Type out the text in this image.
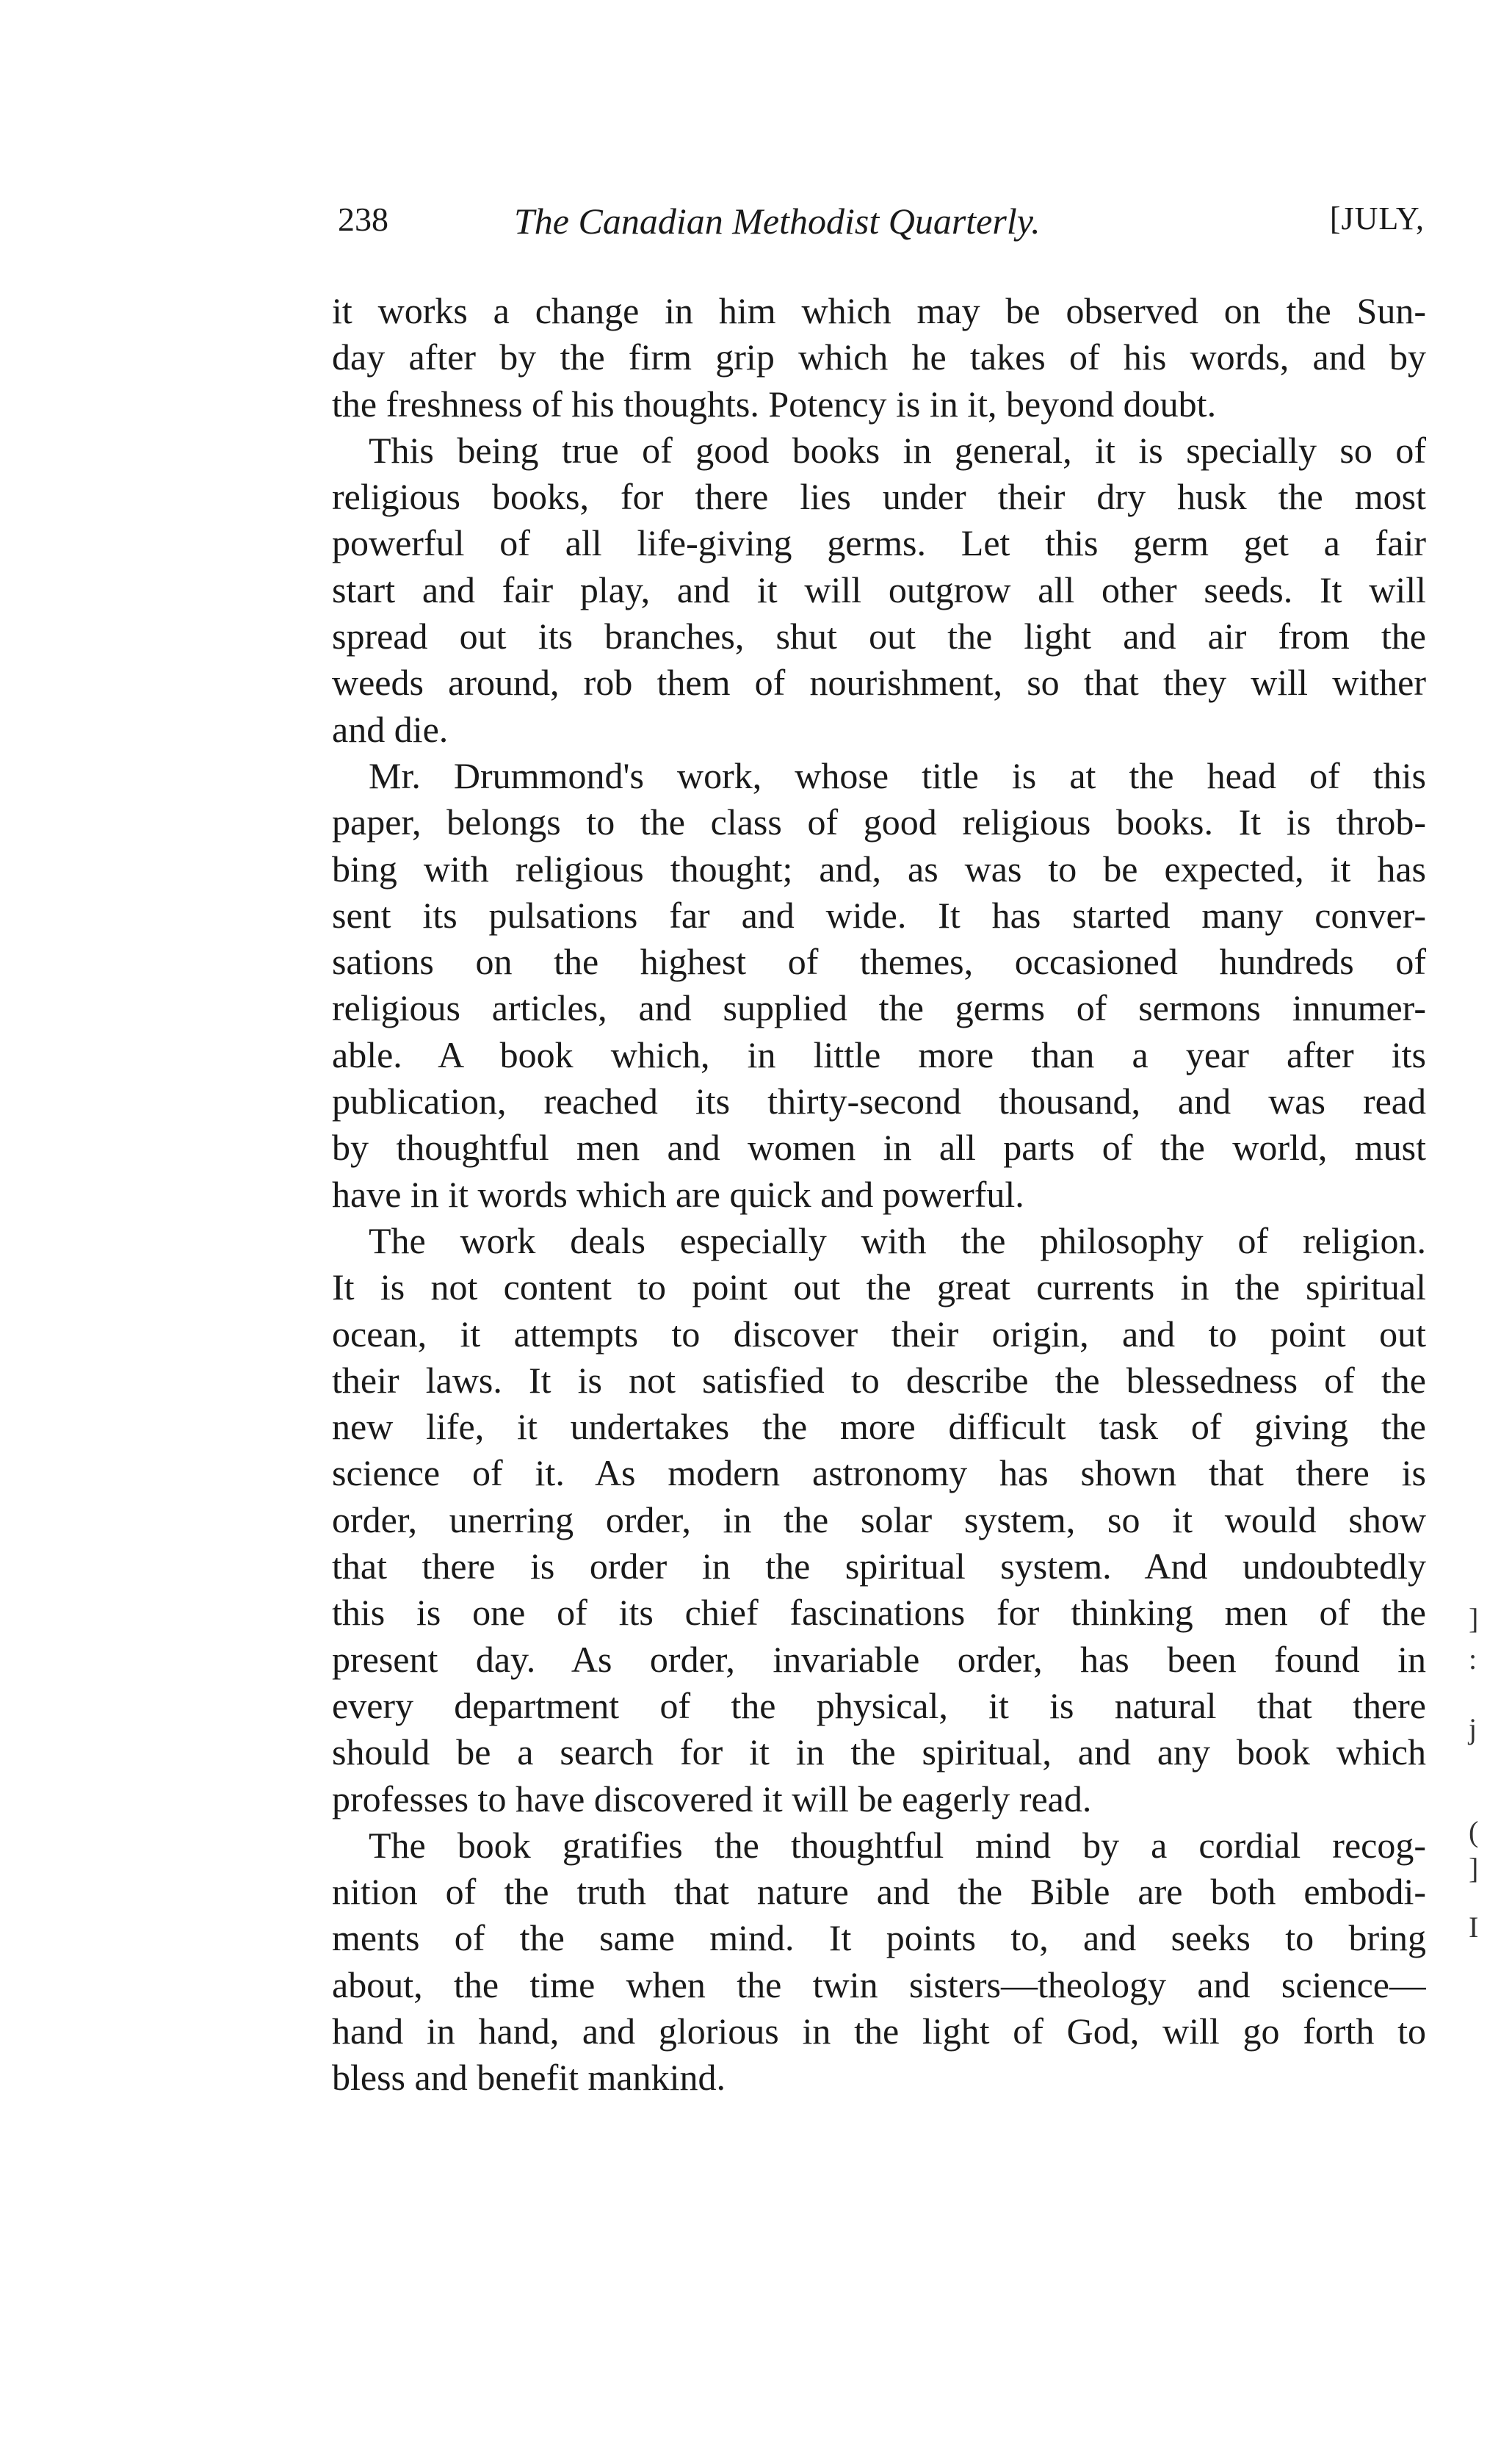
238	The Canadian Methodist Quarterly.	[JULY,
it works a change in him which may be observed on the Sun-
day after by the firm grip which he takes of his words, and by
the freshness of his thoughts. Potency is in it, beyond doubt.
This being true of good books in general, it is specially so of
religious books, for there lies under their dry husk the most
powerful of all life-giving germs. Let this germ get a fair
start and fair play, and it will outgrow all other seeds. It will
spread out its branches, shut out the light and air from the
weeds around, rob them of nourishment, so that they will wither
and die.
Mr. Drummond's work, whose title is at the head of this
paper, belongs to the class of good religious books. It is throb-
bing with religious thought; and, as was to be expected, it has
sent its pulsations far and wide. It has started many conver-
sations on the highest of themes, occasioned hundreds of
religious articles, and supplied the germs of sermons innumer-
able. A book which, in little more than a year after its
publication, reached its thirty-second thousand, and was read
by thoughtful men and women in all parts of the world, must
have in it words which are quick and powerful.
The work deals especially with the philosophy of religion.
It is not content to point out the great currents in the spiritual
ocean, it attempts to discover their origin, and to point out
their laws. It is not satisfied to describe the blessedness of the
new life, it undertakes the more difficult task of giving the
science of it. As modern astronomy has shown that there is
order, unerring order, in the solar system, so it would show
that there is order in the spiritual system. And undoubtedly
this is one of its chief fascinations for thinking men of the
present day. As order, invariable order, has been found in
every department of the physical, it is natural that there
should be a search for it in the spiritual, and any book which
professes to have discovered it will be eagerly read.
The book gratifies the thoughtful mind by a cordial recog-
nition of the truth that nature and the Bible are both embodi-
ments of the same mind. It points to, and seeks to bring
about, the time when the twin sisters—theology and science—
hand in hand, and glorious in the light of God, will go forth to
bless and benefit mankind.
]
:
j
(
]
I
